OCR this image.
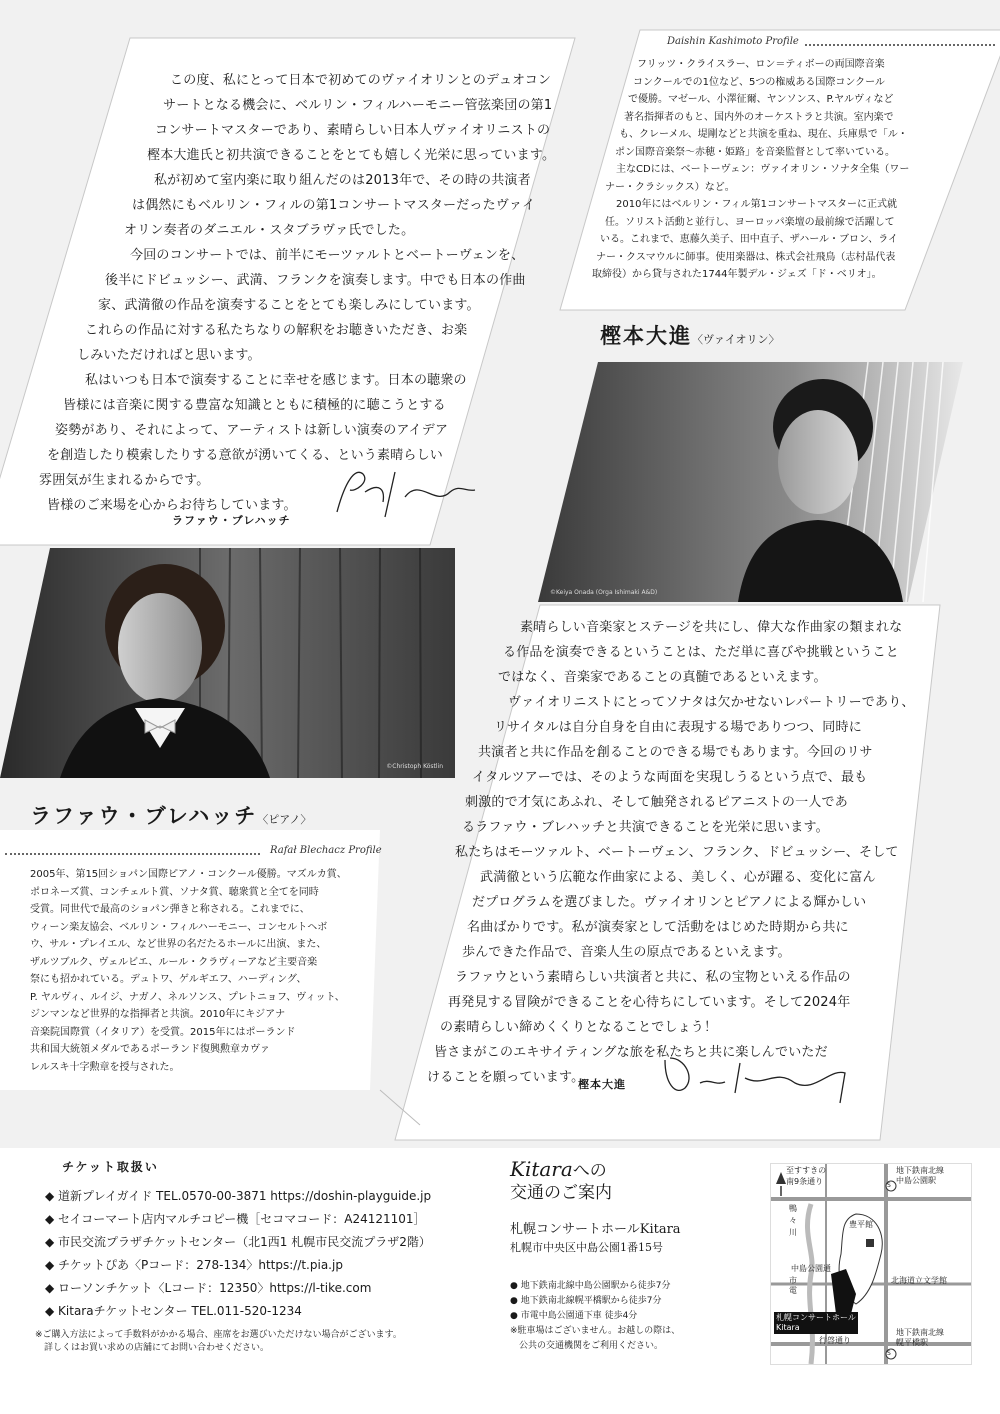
この度、私にとって日本で初めてのヴァイオリンとのデュオコン

サートとなる機会に、ベルリン・フィルハーモニー管弦楽団の第1

コンサートマスターであり、素晴らしい日本人ヴァイオリニストの

樫本大進氏と初共演できることをとても嬉しく光栄に思っています。

私が初めて室内楽に取り組んだのは2013年で、その時の共演者

は偶然にもベルリン・フィルの第1コンサートマスターだったヴァイ

オリン奏者のダニエル・スタブラヴァ氏でした。

今回のコンサートでは、前半にモーツァルトとベートーヴェンを、

後半にドビュッシー、武満、フランクを演奏します。中でも日本の作曲

家、武満徹の作品を演奏することをとても楽しみにしています。

これらの作品に対する私たちなりの解釈をお聴きいただき、お楽

しみいただければと思います。

私はいつも日本で演奏することに幸せを感じます。日本の聴衆の

皆様には音楽に関する豊富な知識とともに積極的に聴こうとする

姿勢があり、それによって、アーティストは新しい演奏のアイデア

を創造したり模索したりする意欲が湧いてくる、という素晴らしい

雰囲気が生まれるからです。

皆様のご来場を心からお待ちしています。

ラファウ・ブレハッチ
©Christoph Köstlin
ラファウ・ブレハッチ〈ピアノ〉
Rafał Blechacz Profile

2005年、第15回ショパン国際ピアノ・コンクール優勝。マズルカ賞、

ポロネーズ賞、コンチェルト賞、ソナタ賞、聴衆賞と全てを同時

受賞。同世代で最高のショパン弾きと称される。これまでに、

ウィーン楽友協会、ベルリン・フィルハーモニー、コンセルトヘボ

ウ、サル・プレイエル、など世界の名だたるホールに出演、また、

ザルツブルク、ヴェルビエ、ルール・クラヴィーアなど主要音楽

祭にも招かれている。デュトワ、ゲルギエフ、ハーディング、

P. ヤルヴィ、ルイジ、ナガノ、ネルソンス、プレトニョフ、ヴィット、

ジンマンなど世界的な指揮者と共演。2010年にキジアナ

音楽院国際賞（イタリア）を受賞。2015年にはポーランド

共和国大統領メダルであるポーランド復興勲章カヴァ

レルスキ十字勲章を授与された。

Daishin Kashimoto Profile

フリッツ・クライスラー、ロン＝ティボーの両国際音楽

コンクールでの1位など、5つの権威ある国際コンクール

で優勝。マゼール、小澤征爾、ヤンソンス、P.ヤルヴィなど

著名指揮者のもと、国内外のオーケストラと共演。室内楽で

も、クレーメル、堤剛などと共演を重ね、現在、兵庫県で「ル・

ポン国際音楽祭～赤穂・姫路」を音楽監督として率いている。

主なCDには、ベートーヴェン：ヴァイオリン・ソナタ全集（ワー

ナー・クラシックス）など。

2010年にはベルリン・フィル第1コンサートマスターに正式就

任。ソリスト活動と並行し、ヨーロッパ楽壇の最前線で活躍して

いる。これまで、恵藤久美子、田中直子、ザハール・ブロン、ライ

ナー・クスマウルに師事。使用楽器は、株式会社飛鳥（志村晶代表

取締役）から貸与された1744年製デル・ジェズ「ド・ベリオ」。

樫本大進〈ヴァイオリン〉
©Keiya Onada (Orga Ishimaki A&D)

素晴らしい音楽家とステージを共にし、偉大な作曲家の類まれな

る作品を演奏できるということは、ただ単に喜びや挑戦ということ

ではなく、音楽家であることの真髄であるといえます。

ヴァイオリニストにとってソナタは欠かせないレパートリーであり、

リサイタルは自分自身を自由に表現する場でありつつ、同時に

共演者と共に作品を創ることのできる場でもあります。今回のリサ

イタルツアーでは、そのような両面を実現しうるという点で、最も

刺激的で才気にあふれ、そして触発されるピアニストの一人であ

るラファウ・ブレハッチと共演できることを光栄に思います。

私たちはモーツァルト、ベートーヴェン、フランク、ドビュッシー、そして

武満徹という広範な作曲家による、美しく、心が躍る、変化に富ん

だプログラムを選びました。ヴァイオリンとピアノによる輝かしい

名曲ばかりです。私が演奏家として活動をはじめた時期から共に

歩んできた作品で、音楽人生の原点であるといえます。

ラファウという素晴らしい共演者と共に、私の宝物といえる作品の

再発見する冒険ができることを心待ちにしています。そして2024年

の素晴らしい締めくくりとなることでしょう！

皆さまがこのエキサイティングな旅を私たちと共に楽しんでいただ

けることを願っています。

樫本大進

チケット取扱い

◆ 道新プレイガイド TEL.0570-00-3871 https://doshin-playguide.jp

◆ セイコーマート店内マルチコピー機［セコマコード：A24121101］

◆ 市民交流プラザチケットセンター（北1西1 札幌市民交流プラザ2階）

◆ チケットぴあ〈Pコード：278-134〉https://t.pia.jp

◆ ローソンチケット〈Lコード：12350〉https://l-tike.com

◆ Kitaraチケットセンター TEL.011-520-1234

※ご購入方法によって手数料がかかる場合、座席をお選びいただけない場合がございます。

　詳しくはお買い求めの店舗にてお問い合わせください。

Kitaraへの
交通のご案内
札幌コンサートホールKitara
札幌市中央区中島公園1番15号
● 地下鉄南北線中島公園駅から徒歩7分
● 地下鉄南北線幌平橋駅から徒歩7分
● 市電中島公園通下車 徒歩4分
※駐車場はございません。お越しの際は、
　公共の交通機関をご利用ください。
至すすきの
南9条通り
地下鉄南北線
中島公園駅
S
鴨
々
川
豊平館
中島公園通
市
電
北海道立文学館
札幌コンサートホール
Kitara
行啓通り
地下鉄南北線
幌平橋駅
S
